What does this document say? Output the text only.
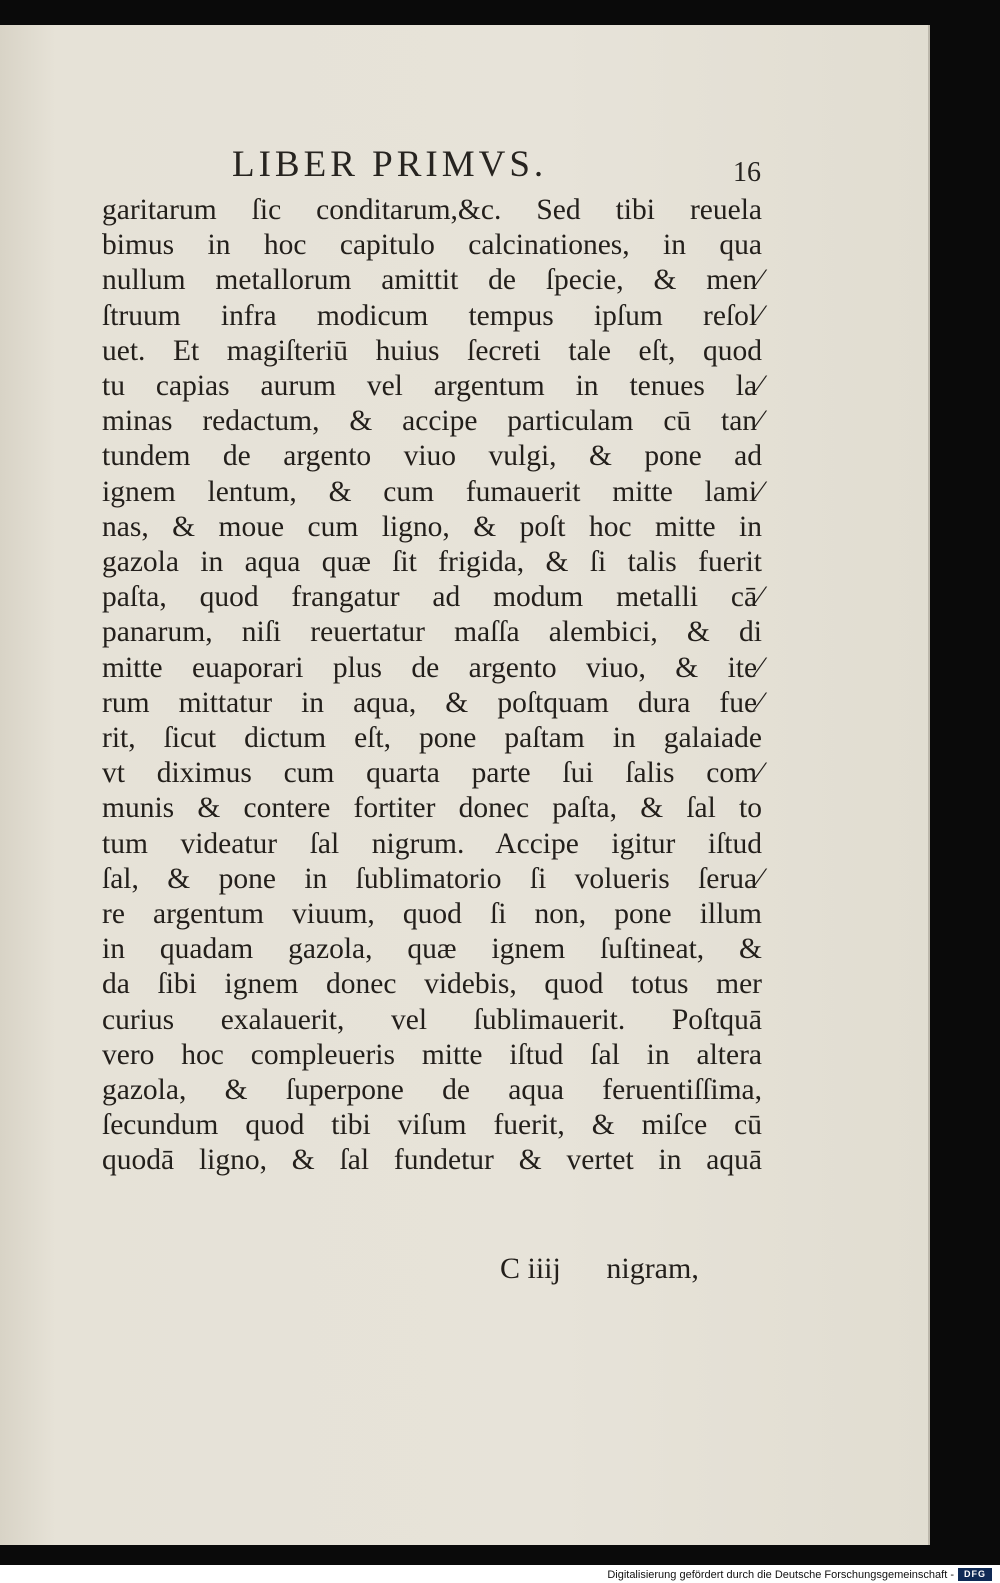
LIBER PRIMVS.	16
garitarum ſic conditarum,&c. Sed tibi reuela
bimus in hoc capitulo calcinationes, in qua
nullum metallorum amittit de ſpecie, & men⁄
ſtruum infra modicum tempus ipſum reſol⁄
uet. Et magiſteriū huius ſecreti tale eſt, quod
tu capias aurum vel argentum in tenues la⁄
minas redactum, & accipe particulam cū tan⁄
tundem de argento viuo vulgi, & pone ad
ignem lentum, & cum fumauerit mitte lami⁄
nas, & moue cum ligno, & poſt hoc mitte in
gazola in aqua quæ ſit frigida, & ſi talis fuerit
paſta, quod frangatur ad modum metalli cā⁄
panarum, niſi reuertatur maſſa alembici, & di
mitte euaporari plus de argento viuo, & ite⁄
rum mittatur in aqua, & poſtquam dura fue⁄
rit, ſicut dictum eſt, pone paſtam in galaiade
vt diximus cum quarta parte ſui ſalis com⁄
munis & contere fortiter donec paſta, & ſal to
tum videatur ſal nigrum. Accipe igitur iſtud
ſal, & pone in ſublimatorio ſi volueris ſerua⁄
re argentum viuum, quod ſi non, pone illum
in quadam gazola, quæ ignem ſuſtineat, &
da ſibi ignem donec videbis, quod totus mer
curius exalauerit, vel ſublimauerit. Poſtquā
vero hoc compleueris mitte iſtud ſal in altera
gazola, & ſuperpone de aqua feruentiſſima,
ſecundum quod tibi viſum fuerit, & miſce cū
quodā ligno, & ſal fundetur & vertet in aquā
C iiij nigram,
Digitalisierung gefördert durch die Deutsche Forschungsgemeinschaft -	DFG
